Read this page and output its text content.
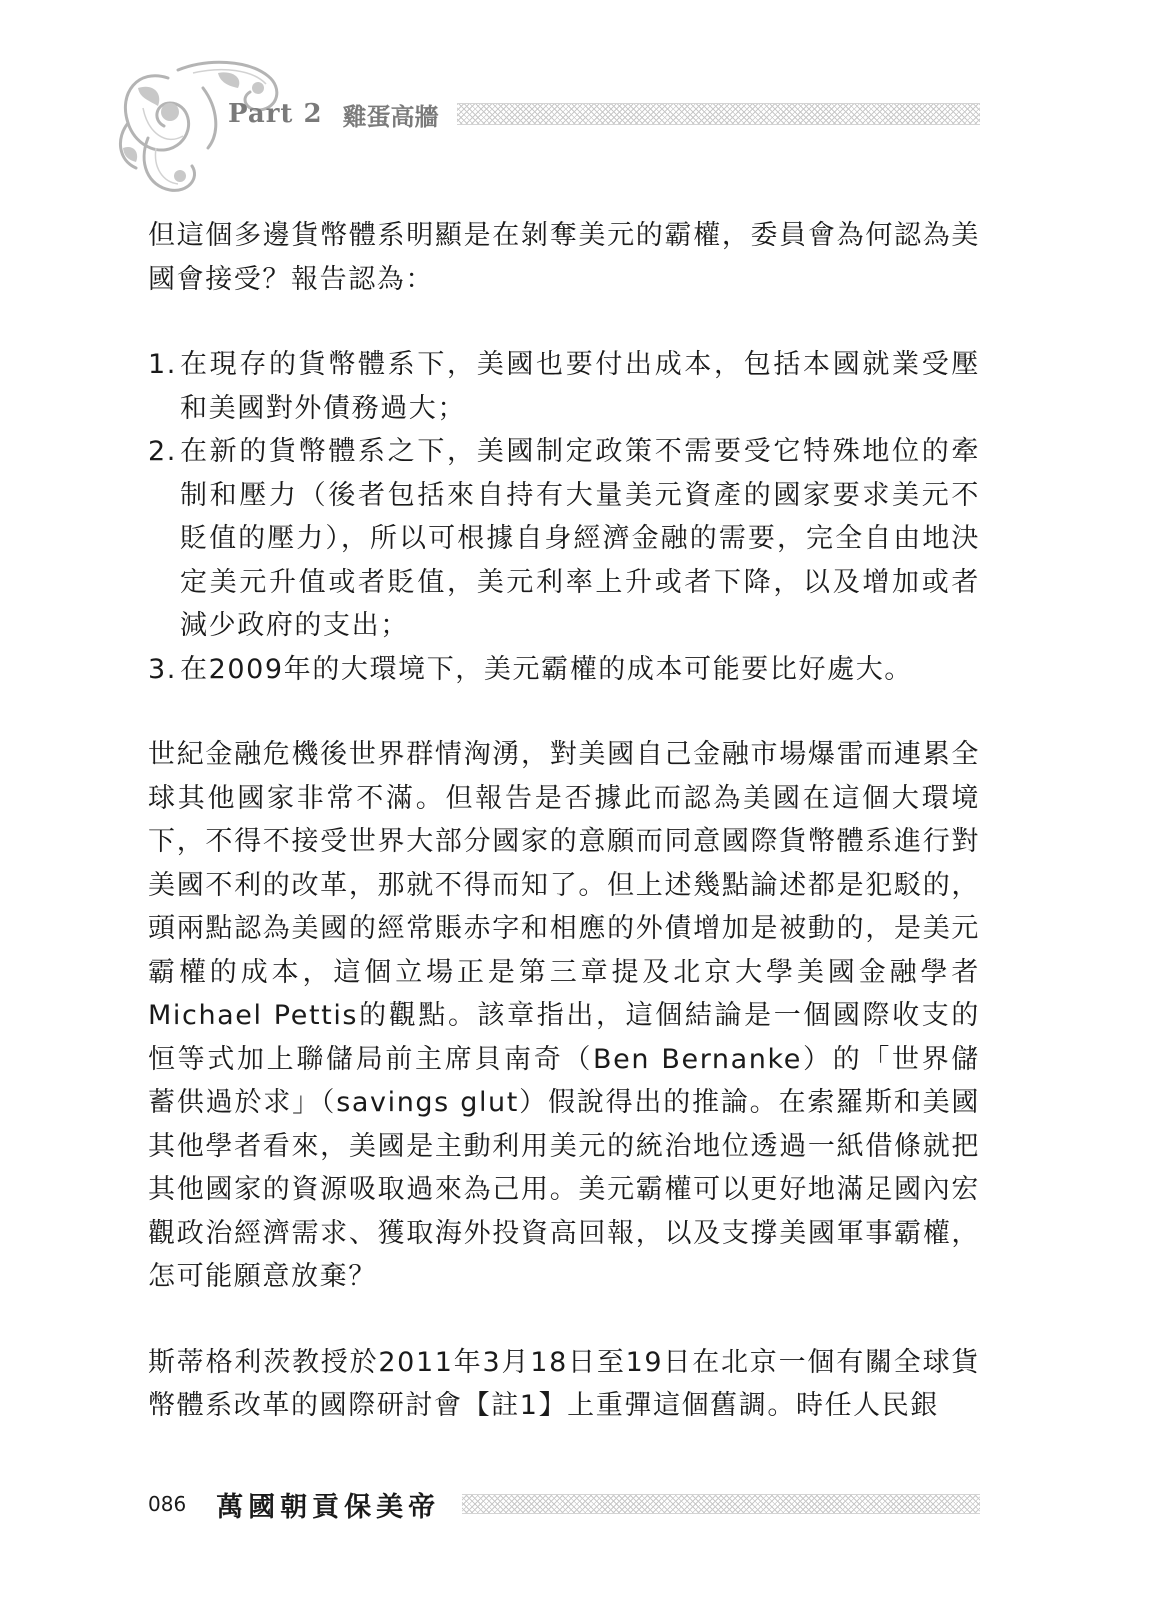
Part 2 雞蛋高牆

但這個多邊貨幣體系明顯是在剝奪美元的霸權，委員會為何認為美國會接受？報告認為：

1. 在現存的貨幣體系下，美國也要付出成本，包括本國就業受壓和美國對外債務過大；
2. 在新的貨幣體系之下，美國制定政策不需要受它特殊地位的牽制和壓力（後者包括來自持有大量美元資產的國家要求美元不貶值的壓力），所以可根據自身經濟金融的需要，完全自由地決定美元升值或者貶值，美元利率上升或者下降，以及增加或者減少政府的支出；
3. 在2009年的大環境下，美元霸權的成本可能要比好處大。

世紀金融危機後世界群情洶湧，對美國自己金融市場爆雷而連累全球其他國家非常不滿。但報告是否據此而認為美國在這個大環境下，不得不接受世界大部分國家的意願而同意國際貨幣體系進行對美國不利的改革，那就不得而知了。但上述幾點論述都是犯駁的，頭兩點認為美國的經常賬赤字和相應的外債增加是被動的，是美元霸權的成本，這個立場正是第三章提及北京大學美國金融學者Michael Pettis的觀點。該章指出，這個結論是一個國際收支的恒等式加上聯儲局前主席貝南奇（Ben Bernanke）的「世界儲蓄供過於求」（savings glut）假說得出的推論。在索羅斯和美國其他學者看來，美國是主動利用美元的統治地位透過一紙借條就把其他國家的資源吸取過來為己用。美元霸權可以更好地滿足國內宏觀政治經濟需求、獲取海外投資高回報，以及支撐美國軍事霸權，怎可能願意放棄？

斯蒂格利茨教授於2011年3月18日至19日在北京一個有關全球貨幣體系改革的國際研討會【註1】上重彈這個舊調。時任人民銀

086 萬國朝貢保美帝
